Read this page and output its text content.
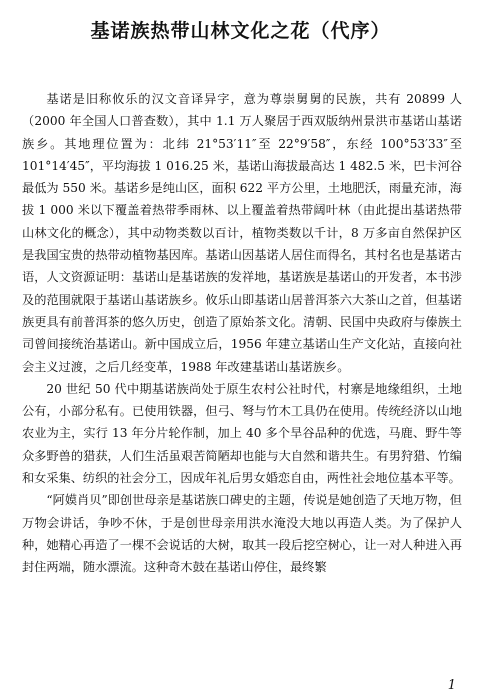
基诺族热带山林文化之花（代序）

基诺是旧称攸乐的汉文音译异字，意为尊崇舅舅的民族，共有 20899 人（2000 年全国人口普查数），其中 1.1 万人聚居于西双版纳州景洪市基诺山基诺族乡。其地理位置为：北纬 21°53′11″至 22°9′58″，东经 100°53′33″至 101°14′45″，平均海拔 1 016.25 米，基诺山海拔最高达 1 482.5 米，巴卡河谷最低为 550 米。基诺乡是纯山区，面积 622 平方公里，土地肥沃，雨量充沛，海拔 1 000 米以下覆盖着热带季雨林、以上覆盖着热带阔叶林（由此提出基诺热带山林文化的概念），其中动物类数以百计，植物类数以千计，8 万多亩自然保护区是我国宝贵的热带动植物基因库。基诺山因基诺人居住而得名，其村名也是基诺古语，人文资源证明：基诺山是基诺族的发祥地，基诺族是基诺山的开发者，本书涉及的范围就限于基诺山基诺族乡。攸乐山即基诺山居普洱茶六大茶山之首，但基诺族更具有前普洱茶的悠久历史，创造了原始茶文化。清朝、民国中央政府与傣族土司曾间接统治基诺山。新中国成立后，1956 年建立基诺山生产文化站，直接向社会主义过渡，之后几经变革，1988 年改建基诺山基诺族乡。

20 世纪 50 代中期基诺族尚处于原生农村公社时代，村寨是地缘组织，土地公有，小部分私有。已使用铁器，但弓、弩与竹木工具仍在使用。传统经济以山地农业为主，实行 13 年分片轮作制，加上 40 多个旱谷品种的优选，马鹿、野牛等众多野兽的猎获，人们生活虽艰苦简陋却也能与大自然和谐共生。有男狩猎、竹编和女采集、纺织的社会分工，因成年礼后男女婚恋自由，两性社会地位基本平等。

“阿嫫肖贝”即创世母亲是基诺族口碑史的主题，传说是她创造了天地万物，但万物会讲话，争吵不休，于是创世母亲用洪水淹没大地以再造人类。为了保护人种，她精心再造了一棵不会说话的大树，取其一段后挖空树心，让一对人种进入再封住两端，随水漂流。这种奇木鼓在基诺山停住，最终繁

1
